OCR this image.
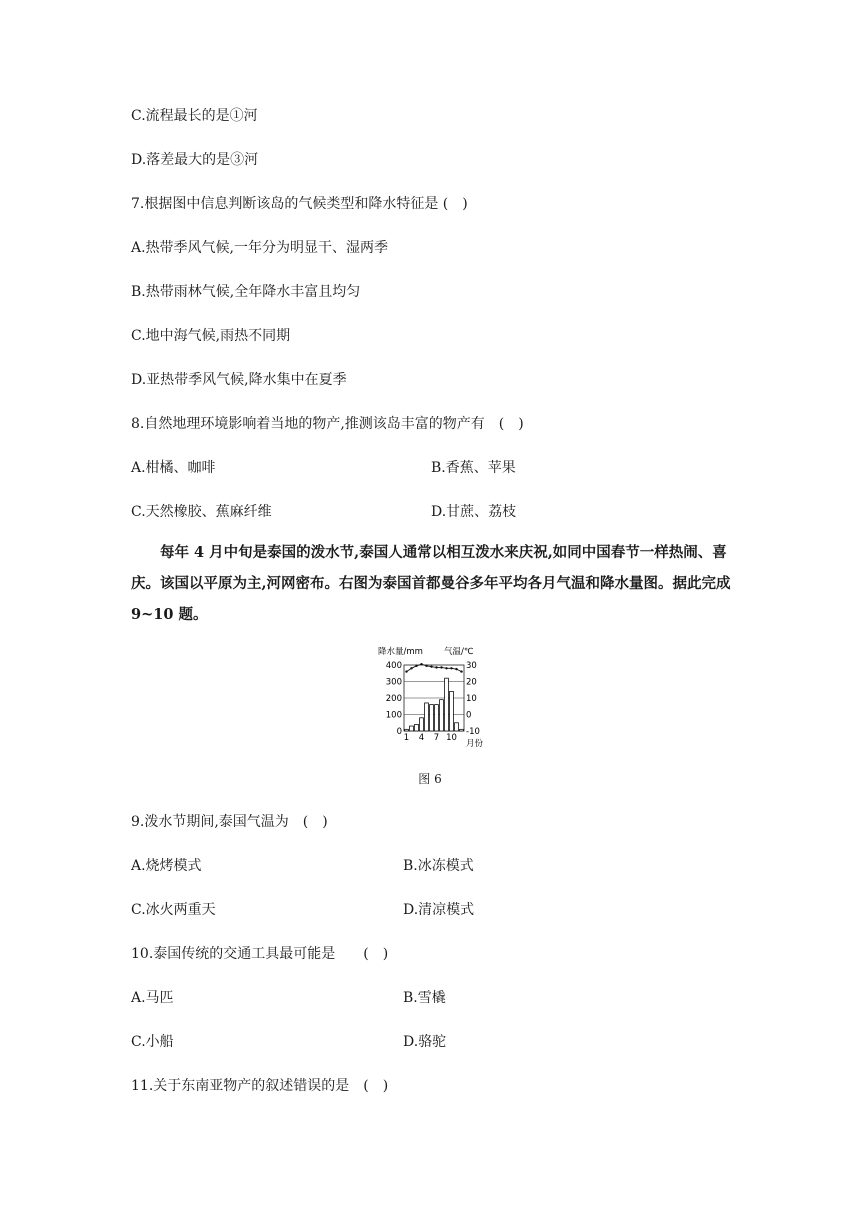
C.流程最长的是①河
D.落差最大的是③河
7.根据图中信息判断该岛的气候类型和降水特征是 (　)
A.热带季风气候,一年分为明显干、湿两季
B.热带雨林气候,全年降水丰富且均匀
C.地中海气候,雨热不同期
D.亚热带季风气候,降水集中在夏季
8.自然地理环境影响着当地的物产,推测该岛丰富的物产有　(　)
A.柑橘、咖啡	B.香蕉、苹果
C.天然橡胶、蕉麻纤维	D.甘蔗、荔枝
每年 4 月中旬是泰国的泼水节,泰国人通常以相互泼水来庆祝,如同中国春节一样热闹、喜庆。该国以平原为主,河网密布。右图为泰国首都曼谷多年平均各月气温和降水量图。据此完成 9~10 题。
降水量/mm 气温/℃
月份
400
300
200
100
0
30
20
10
0
-10
1 4 7 10
图 6
9.泼水节期间,泰国气温为　(　)
A.烧烤模式	B.冰冻模式
C.冰火两重天	D.清凉模式
10.泰国传统的交通工具最可能是　　(　)
A.马匹	B.雪橇
C.小船	D.骆驼
11.关于东南亚物产的叙述错误的是　(　)
